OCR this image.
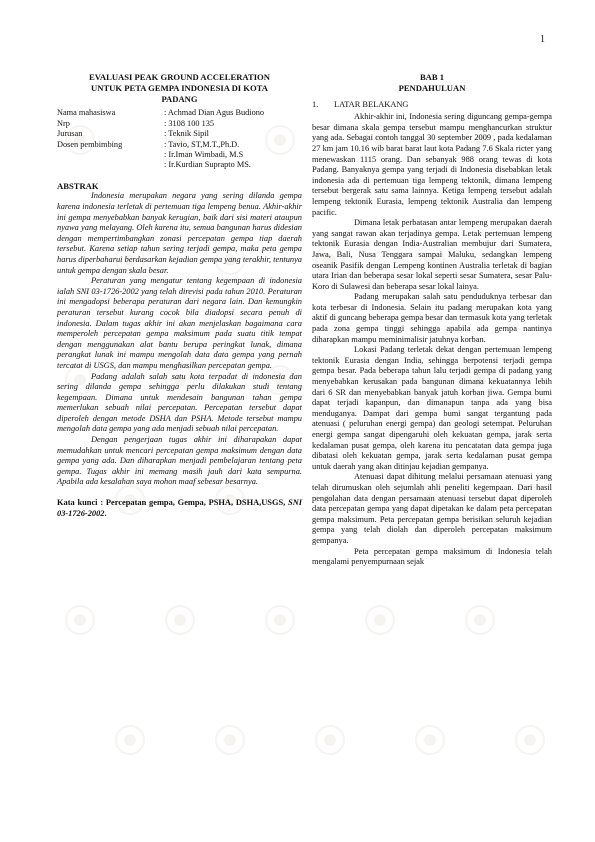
1
EVALUASI PEAK GROUND ACCELERATION
UNTUK PETA GEMPA INDONESIA DI KOTA
PADANG
Nama mahasiswa	: Achmad Dian Agus Budiono
Nrp	: 3108 100 135
Jurusan	: Teknik Sipil
Dosen pembimbing	: Tavio, ST,M.T.,Ph.D.
	: Ir.Iman Wimbadi, M.S
	: Ir.Kurdian Suprapto MS.
ABSTRAK

Indonesia merupakan negara yang sering dilanda gempa karena indonesia terletak di pertemuan tiga lempeng benua. Akhir-akhir ini gempa menyebabkan banyak kerugian, baik dari sisi materi ataupun nyawa yang melayang. Oleh karena itu, semua bangunan harus didesian dengan mempertimbangkan zonasi percepatan gempa tiap daerah tersebut. Karena setiap tahun sering terjadi gempa, maka peta gempa harus diperbaharui berdasarkan kejadian gempa yang terakhir, tentunya untuk gempa dengan skala besar.

Peraturan yang mengatur tentang kegempaan di indonesia ialah SNI 03-1726-2002 yang telah direvisi pada tahun 2010. Peraturan ini mengadopsi beberapa peraturan dari negara lain. Dan kemungkin peraturan tersebut kurang cocok bila diadopsi secara penuh di indonesia. Dalam tugas akhir ini akan menjelaskan bagaimana cara memperoleh percepatan gempa maksimum pada suatu titik tempat dengan menggunakan alat bantu berupa peringkat lunak, dimana perangkat lunak ini mampu mengolah data data gempa yang pernah tercatat di USGS, dan mampu menghasilkan percepatan gempa.

Padang adalah salah satu kota terpadat di indonesia dan sering dilanda gempa sehingga perlu dilakukan studi tentang kegempaan. Dimana untuk mendesain bangunan tahan gempa memerlukan sebuah nilai percepatan. Percepatan tersebut dapat diperoleh dengan metode DSHA dan PSHA. Metode tersebut mampu mengolah data gempa yang ada menjadi sebuah nilai percepatan.

Dengan pengerjaan tugas akhir ini diharapakan dapat memudahkan untuk mencari percepatan gempa maksimum dengan data gempa yang ada. Dan diharapkan menjadi pembelajaran tentang peta gempa. Tugas akhir ini memang masih jauh dari kata sempurna. Apabila ada kesalahan saya mohon maaf sebesar besarnya.

Kata kunci : Percepatan gempa, Gempa, PSHA, DSHA,USGS, SNI 03-1726-2002.
BAB 1
PENDAHULUAN
1. LATAR BELAKANG

Akhir-akhir ini, Indonesia sering diguncang gempa-gempa besar dimana skala gempa tersebut mampu menghancurkan struktur yang ada. Sebagai contoh tanggal 30 september 2009 , pada kedalaman 27 km jam 10.16 wib barat barat laut kota Padang 7.6 Skala ricter yang menewaskan 1115 orang. Dan sebanyak 988 orang tewas di kota Padang. Banyaknya gempa yang terjadi di Indonesia disebabkan letak indonesia ada di pertemuan tiga lempeng tektonik, dimana lempeng tersebut bergerak satu sama lainnya. Ketiga lempeng tersebut adalah lempeng tektonik Eurasia, lempeng tektonik Australia dan lempeng pacific.

Dimana letak perbatasan antar lempeng merupakan daerah yang sangat rawan akan terjadinya gempa. Letak pertemuan lempeng tektonik Eurasia dengan India-Australian membujur dari Sumatera, Jawa, Bali, Nusa Tenggara sampai Maluku, sedangkan lempeng oseanik Pasifik dengan Lempeng kontinen Australia terletak di bagian utara Irian dan beberapa sesar lokal seperti sesar Sumatera, sesar Palu-Koro di Sulawesi dan beberapa sesar lokal lainya.

Padang merupakan salah satu penduduknya terbesar dan kota terbesar di Indonesia. Selain itu padang merupakan kota yang aktif di guncang beberapa gempa besar dan termasuk kota yang terletak pada zona gempa tinggi sehingga apabila ada gempa nantinya diharapkan mampu meminimalisir jatuhnya korban.

Lokasi Padang terletak dekat dengan pertemuan lempeng tektonik Eurasia dengan India, sehingga berpotensi terjadi gempa gempa besar. Pada beberapa tahun lalu terjadi gempa di padang yang menyebabkan kerusakan pada bangunan dimana kekuatannya lebih dari 6 SR dan menyebabkan banyak jatuh korban jiwa. Gempa bumi dapat terjadi kapanpun, dan dimanapun tanpa ada yang bisa menduganya. Dampat dari gempa bumi sangat tergantung pada atenuasi ( peluruhan energi gempa) dan geologi setempat. Peluruhan energi gempa sangat dipengaruhi oleh kekuatan gempa, jarak serta kedalaman pusat gempa, oleh karena itu pencatatan data gempa juga dibatasi oleh kekuatan gempa, jarak serta kedalaman pusat gempa untuk daerah yang akan ditinjau kejadian gempanya.

Atenuasi dapat dihitung melalui persamaan atenuasi yang telah dirumuskan oleh sejumlah ahli peneliti kegempaan. Dari hasil pengolahan data dengan persamaan atenuasi tersebut dapat diperoleh data percepatan gempa yang dapat dipetakan ke dalam peta percepatan gempa maksimum. Peta percepatan gempa berisikan seluruh kejadian gempa yang telah diolah dan diperoleh percepatan maksimum gempanya.

Peta percepatan gempa maksimum di Indonesia telah mengalami penyempurnaan sejak
